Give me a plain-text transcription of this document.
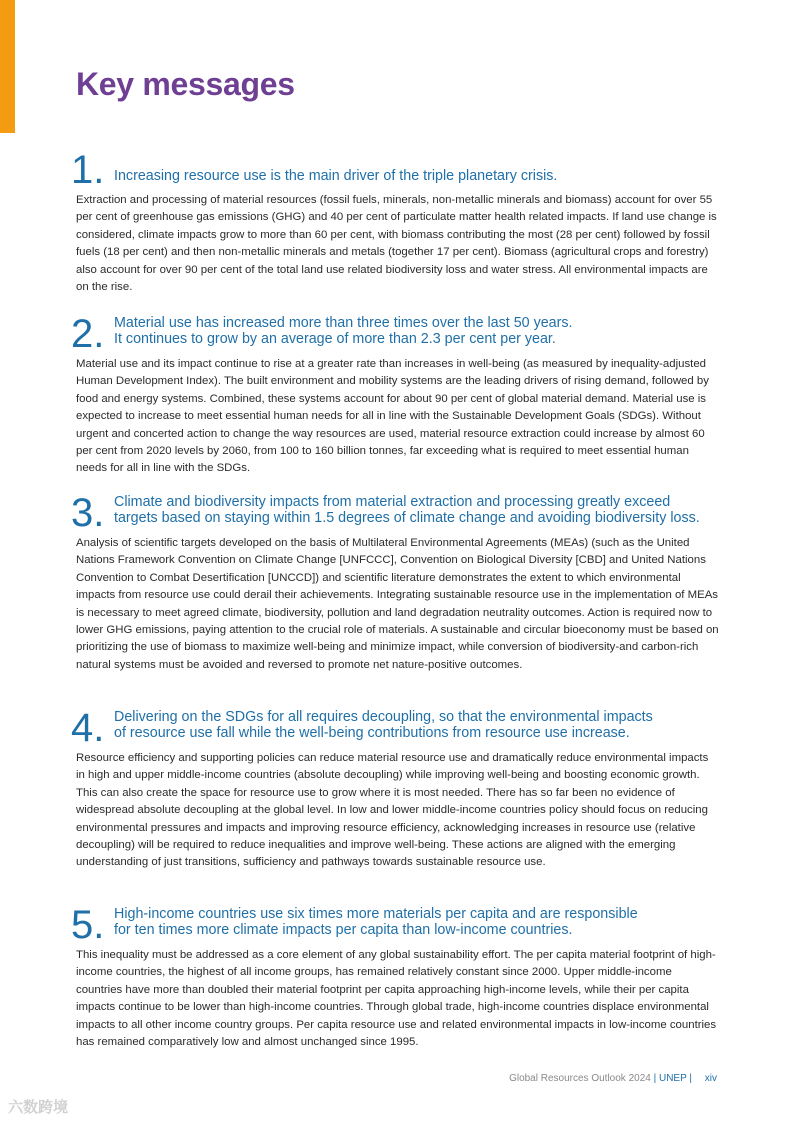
Key messages
1. Increasing resource use is the main driver of the triple planetary crisis.

Extraction and processing of material resources (fossil fuels, minerals, non-metallic minerals and biomass) account for over 55 per cent of greenhouse gas emissions (GHG) and 40 per cent of particulate matter health related impacts. If land use change is considered, climate impacts grow to more than 60 per cent, with biomass contributing the most (28 per cent) followed by fossil fuels (18 per cent) and then non-metallic minerals and metals (together 17 per cent). Biomass (agricultural crops and forestry) also account for over 90 per cent of the total land use related biodiversity loss and water stress. All environmental impacts are on the rise.

2. Material use has increased more than three times over the last 50 years.
It continues to grow by an average of more than 2.3 per cent per year.

Material use and its impact continue to rise at a greater rate than increases in well-being (as measured by inequality-adjusted Human Development Index). The built environment and mobility systems are the leading drivers of rising demand, followed by food and energy systems. Combined, these systems account for about 90 per cent of global material demand. Material use is expected to increase to meet essential human needs for all in line with the Sustainable Development Goals (SDGs). Without urgent and concerted action to change the way resources are used, material resource extraction could increase by almost 60 per cent from 2020 levels by 2060, from 100 to 160 billion tonnes, far exceeding what is required to meet essential human needs for all in line with the SDGs.

3. Climate and biodiversity impacts from material extraction and processing greatly exceed
targets based on staying within 1.5 degrees of climate change and avoiding biodiversity loss.

Analysis of scientific targets developed on the basis of Multilateral Environmental Agreements (MEAs) (such as the United Nations Framework Convention on Climate Change [UNFCCC], Convention on Biological Diversity [CBD] and United Nations Convention to Combat Desertification [UNCCD]) and scientific literature demonstrates the extent to which environmental impacts from resource use could derail their achievements. Integrating sustainable resource use in the implementation of MEAs is necessary to meet agreed climate, biodiversity, pollution and land degradation neutrality outcomes. Action is required now to lower GHG emissions, paying attention to the crucial role of materials. A sustainable and circular bioeconomy must be based on prioritizing the use of biomass to maximize well-being and minimize impact, while conversion of biodiversity-and carbon-rich natural systems must be avoided and reversed to promote net nature-positive outcomes.

4. Delivering on the SDGs for all requires decoupling, so that the environmental impacts
of resource use fall while the well-being contributions from resource use increase.

Resource efficiency and supporting policies can reduce material resource use and dramatically reduce environmental impacts in high and upper middle-income countries (absolute decoupling) while improving well-being and boosting economic growth. This can also create the space for resource use to grow where it is most needed. There has so far been no evidence of widespread absolute decoupling at the global level. In low and lower middle-income countries policy should focus on reducing environmental pressures and impacts and improving resource efficiency, acknowledging increases in resource use (relative decoupling) will be required to reduce inequalities and improve well-being. These actions are aligned with the emerging understanding of just transitions, sufficiency and pathways towards sustainable resource use.

5. High-income countries use six times more materials per capita and are responsible
for ten times more climate impacts per capita than low-income countries.

This inequality must be addressed as a core element of any global sustainability effort. The per capita material footprint of high-income countries, the highest of all income groups, has remained relatively constant since 2000. Upper middle-income countries have more than doubled their material footprint per capita approaching high-income levels, while their per capita impacts continue to be lower than high-income countries. Through global trade, high-income countries displace environmental impacts to all other income country groups. Per capita resource use and related environmental impacts in low-income countries has remained comparatively low and almost unchanged since 1995.

Global Resources Outlook 2024 | UNEP | xiv
六数跨境
